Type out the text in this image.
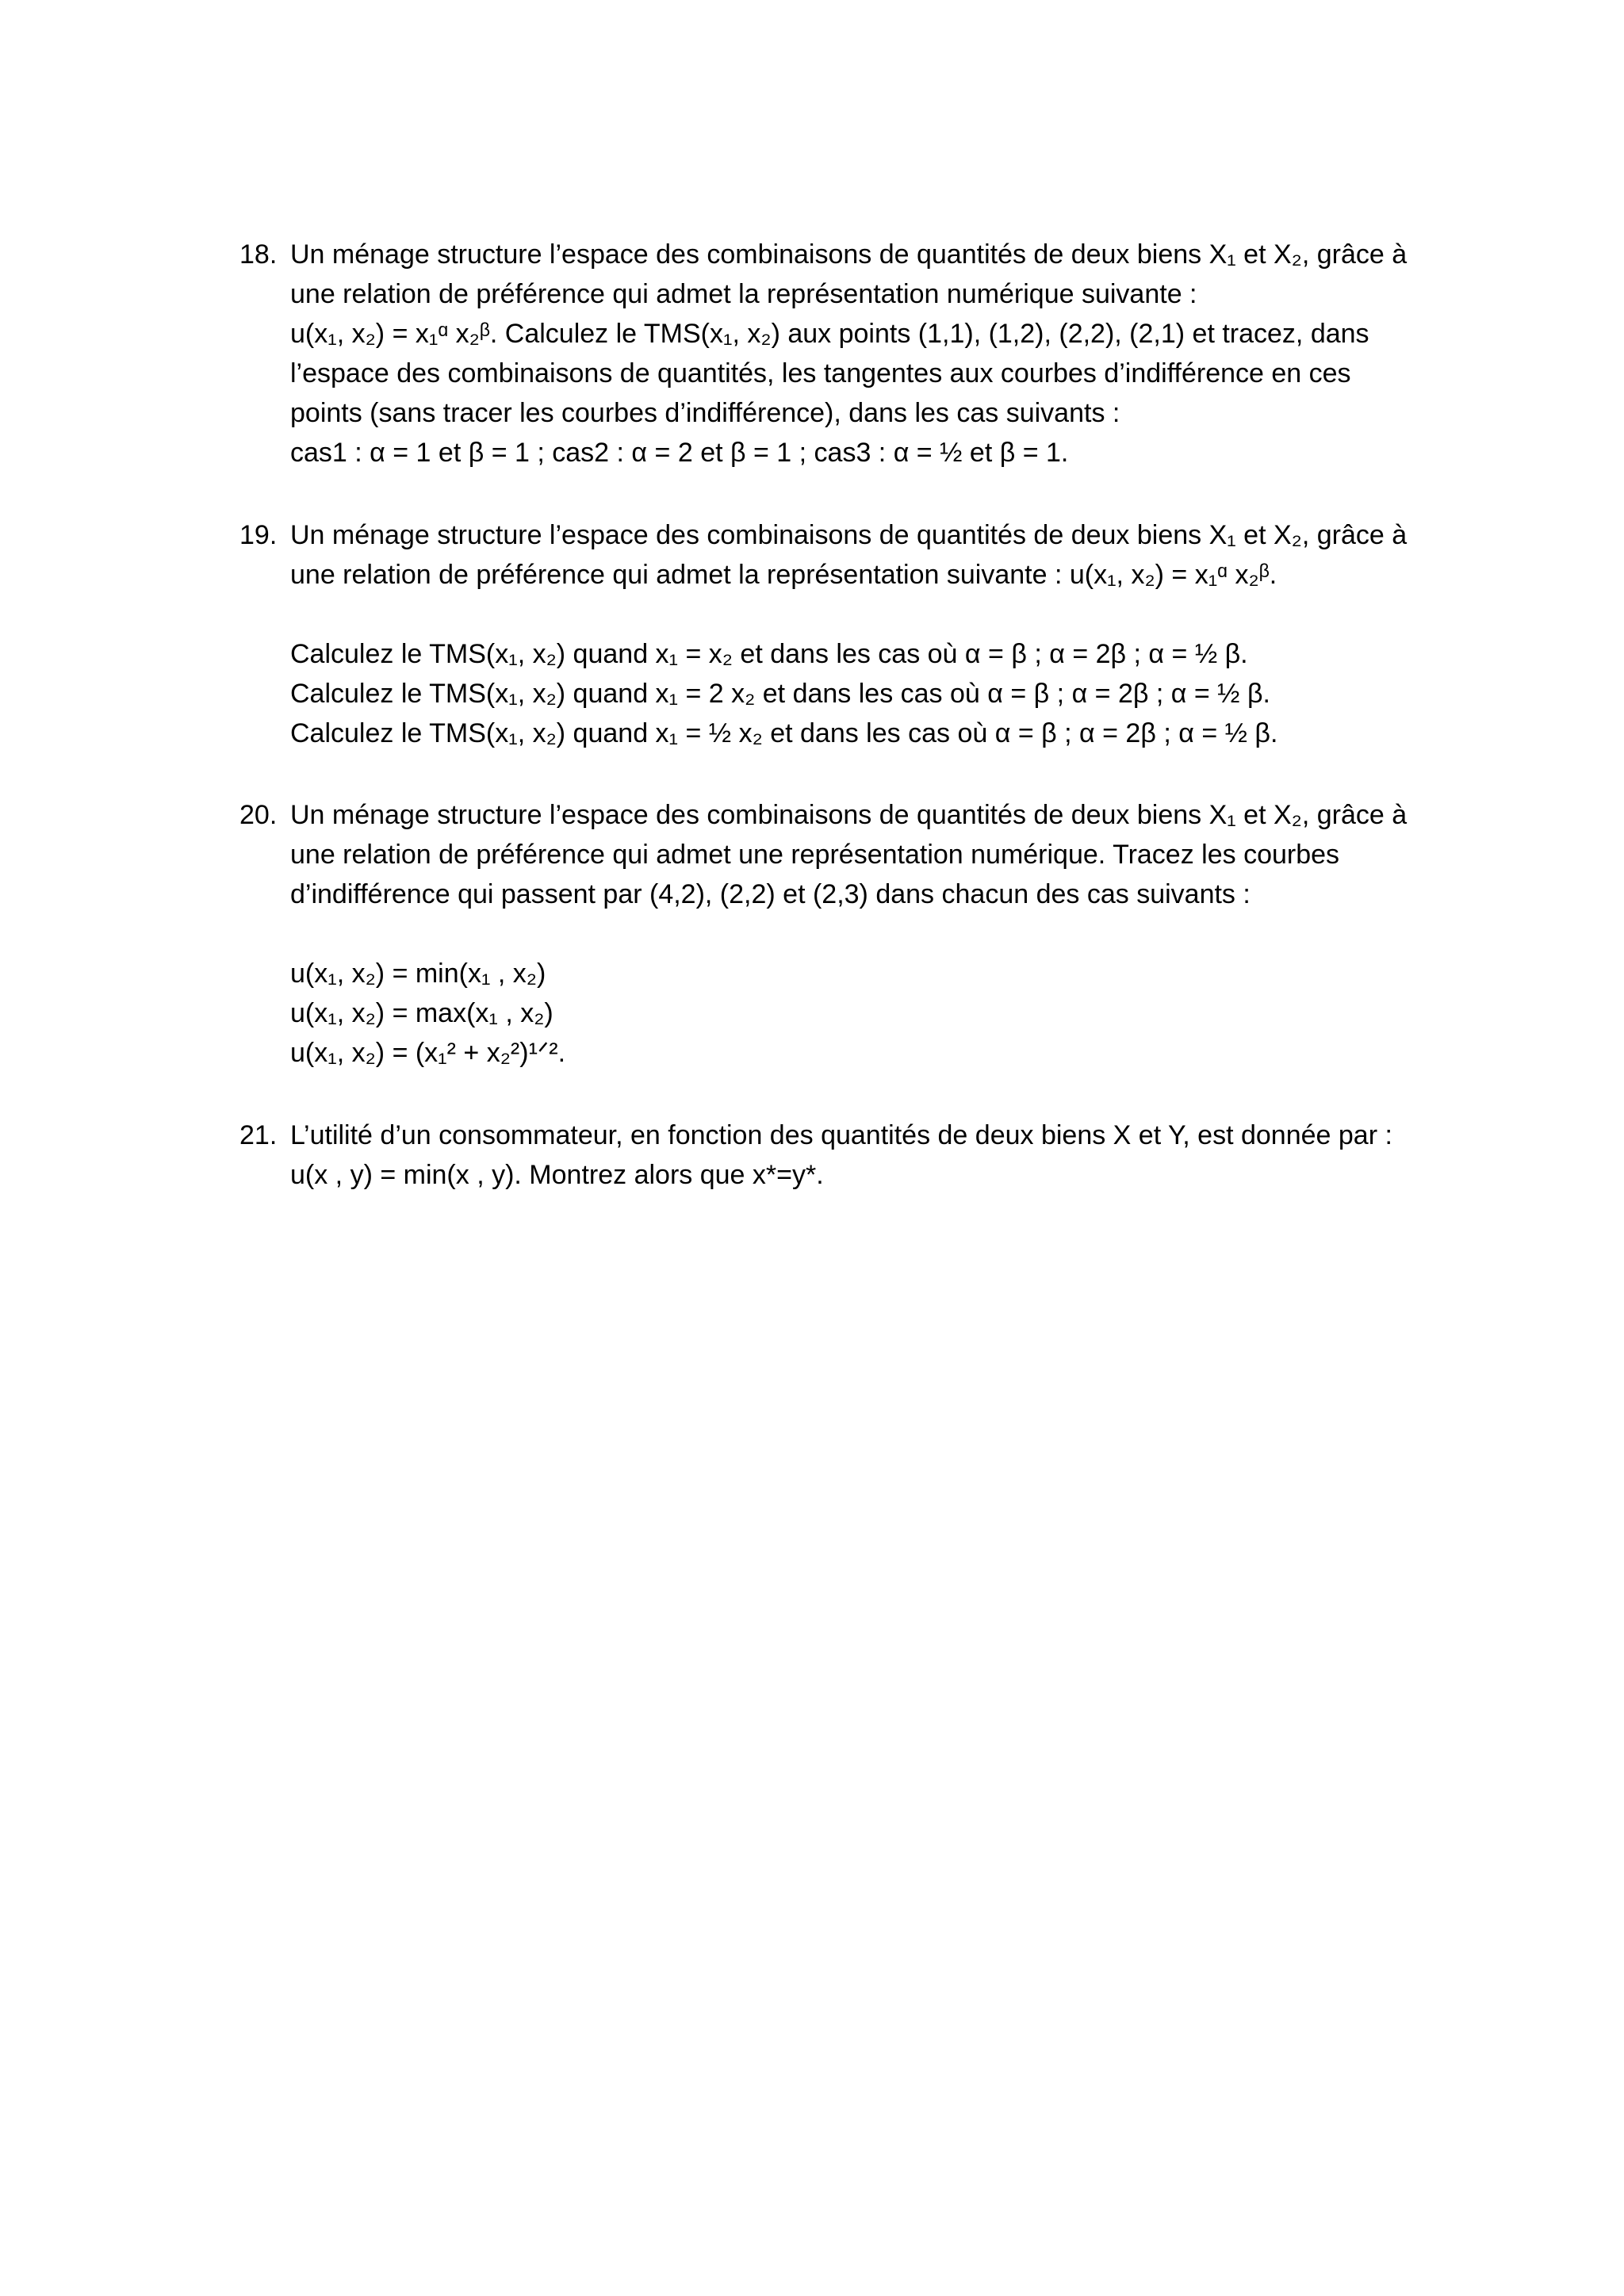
18. Un ménage structure l’espace des combinaisons de quantités de deux biens X₁ et X₂, grâce à
une relation de préférence qui admet la représentation numérique suivante :
u(x₁, x₂) = x₁ᵅ x₂ᵝ. Calculez le TMS(x₁, x₂) aux points (1,1), (1,2), (2,2), (2,1) et tracez, dans
l’espace des combinaisons de quantités, les tangentes aux courbes d’indifférence en ces
points (sans tracer les courbes d’indifférence), dans les cas suivants :
cas1 : α = 1 et β = 1 ; cas2 : α = 2 et β = 1 ; cas3 : α = ½ et β = 1.
19. Un ménage structure l’espace des combinaisons de quantités de deux biens X₁ et X₂, grâce à
une relation de préférence qui admet la représentation suivante : u(x₁, x₂) = x₁ᵅ x₂ᵝ.
Calculez le TMS(x₁, x₂) quand x₁ = x₂ et dans les cas où α = β ; α = 2β ; α = ½ β.
Calculez le TMS(x₁, x₂) quand x₁ = 2 x₂ et dans les cas où α = β ; α = 2β ; α = ½ β.
Calculez le TMS(x₁, x₂) quand x₁ = ½ x₂ et dans les cas où α = β ; α = 2β ; α = ½ β.
20. Un ménage structure l’espace des combinaisons de quantités de deux biens X₁ et X₂, grâce à
une relation de préférence qui admet une représentation numérique. Tracez les courbes
d’indifférence qui passent par (4,2), (2,2) et (2,3) dans chacun des cas suivants :
u(x₁, x₂) = min(x₁ , x₂)
u(x₁, x₂) = max(x₁ , x₂)
u(x₁, x₂) = (x₁² + x₂²)¹ᐟ².
21. L’utilité d’un consommateur, en fonction des quantités de deux biens X et Y, est donnée par :
u(x , y) = min(x , y). Montrez alors que x*=y*.
